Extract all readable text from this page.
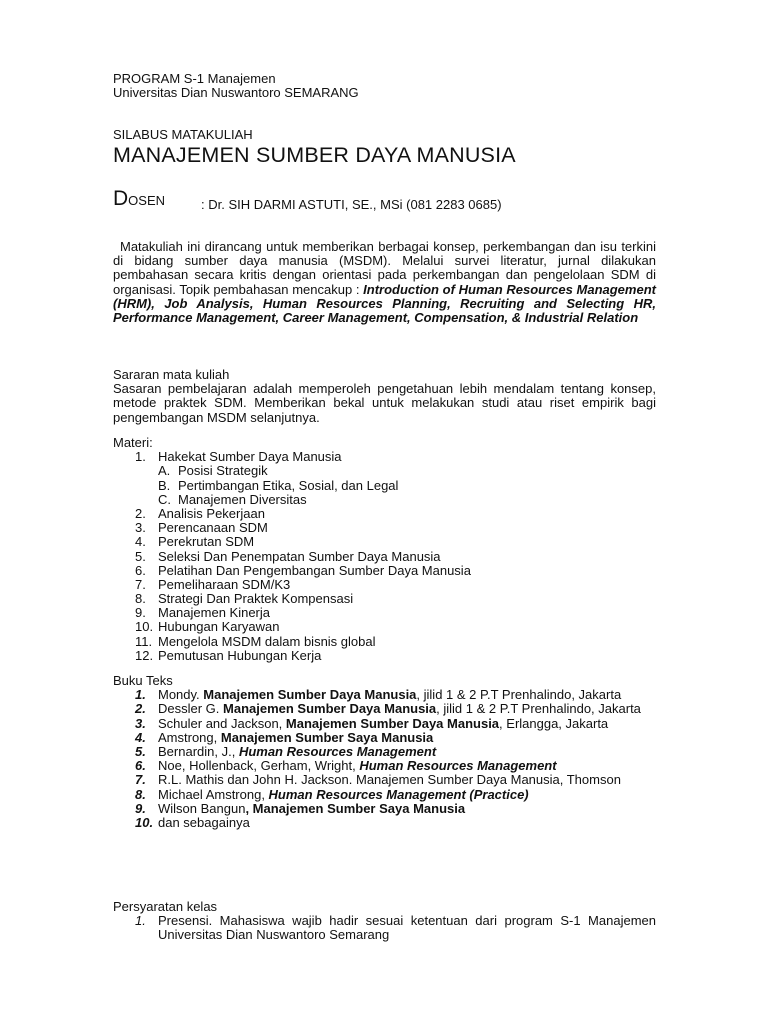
PROGRAM S-1 Manajemen
Universitas Dian Nuswantoro SEMARANG
SILABUS MATAKULIAH
MANAJEMEN SUMBER DAYA MANUSIA
DOSEN	: Dr. SIH DARMI ASTUTI, SE., MSi (081 2283 0685)

Matakuliah ini dirancang untuk memberikan berbagai konsep, perkembangan dan isu terkini di bidang sumber daya manusia (MSDM). Melalui survei literatur, jurnal dilakukan pembahasan secara kritis dengan orientasi pada perkembangan dan pengelolaan SDM di organisasi. Topik pembahasan mencakup : Introduction of Human Resources Management (HRM), Job Analysis, Human Resources Planning, Recruiting and Selecting HR, Performance Management, Career Management, Compensation, & Industrial Relation

Sararan mata kuliah
Sasaran pembelajaran adalah memperoleh pengetahuan lebih mendalam tentang konsep, metode praktek SDM. Memberikan bekal untuk melakukan studi atau riset empirik bagi pengembangan MSDM selanjutnya.
Materi:
1. Hakekat Sumber Daya Manusia
A. Posisi Strategik
B. Pertimbangan Etika, Sosial, dan Legal
C. Manajemen Diversitas
2. Analisis Pekerjaan
3. Perencanaan SDM
4. Perekrutan SDM
5. Seleksi Dan Penempatan Sumber Daya Manusia
6. Pelatihan Dan Pengembangan Sumber Daya Manusia
7. Pemeliharaan SDM/K3
8. Strategi Dan Praktek Kompensasi
9. Manajemen Kinerja
10. Hubungan Karyawan
11. Mengelola MSDM dalam bisnis global
12. Pemutusan Hubungan Kerja
Buku Teks
1. Mondy. Manajemen Sumber Daya Manusia, jilid 1 & 2 P.T Prenhalindo, Jakarta
2. Dessler G. Manajemen Sumber Daya Manusia, jilid 1 & 2 P.T Prenhalindo, Jakarta
3. Schuler and Jackson, Manajemen Sumber Daya Manusia, Erlangga, Jakarta
4. Amstrong, Manajemen Sumber Saya Manusia
5. Bernardin, J., Human Resources Management
6. Noe, Hollenback, Gerham, Wright, Human Resources Management
7. R.L. Mathis dan John H. Jackson. Manajemen Sumber Daya Manusia, Thomson
8. Michael Amstrong, Human Resources Management (Practice)
9. Wilson Bangun, Manajemen Sumber Saya Manusia
10. dan sebagainya
Persyaratan kelas
1. Presensi. Mahasiswa wajib hadir sesuai ketentuan dari program S-1 Manajemen Universitas Dian Nuswantoro Semarang
